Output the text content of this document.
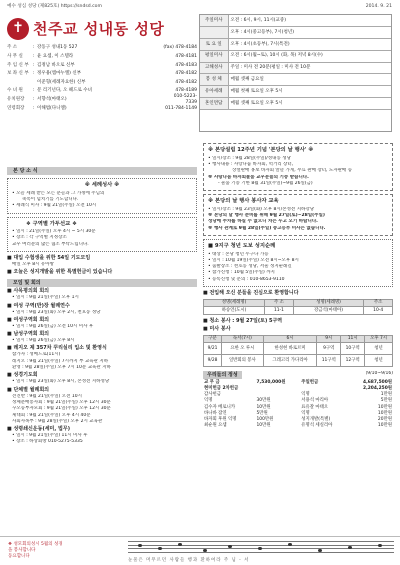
예수 성심 성당 (제825호) https://sndsd.com	2014. 9. 21
✝ 천주교 성내동 성당
주 소	: 강동구 성내1동 527	(fax) 478-4184
사 무 실	: 윤 요셉, 이 스텔라	478-4181
주 임 신 부 : 김정남 바오로 신부	478-4183
보 좌 신 부 : 정우용(엠마누엘) 신부	478-4182
이준형(세례자요한) 신부	478-4182
수 녀 원	: 문 리기넌다, 오 헤드로 수녀	478-4189
유치원장	: 서향석(마태오)
010-5223-7339
연령회장	: 이해범(다니엘)	011-784-1149
주일미사	오전 : 6시, 9시, 11시(교중)
	오후 : 4시(중고등부), 7시(청년)
토 요 일	오후 : 4시(초등부), 7시(특전)
평일미사	오전 : 6시(월~토), 10시 (화, 목) 저녁 8시(수)
고해성사	주일 : 미사 전 20분(평일 : 미사 전 10분
봉 성 체	매월 셋째 금요일
유아세례	매월 첫째 토요일 오후 5시
혼인면담	매월 셋째 토요일 오후 5시
본 당 소 식
※ 세례성사 ※
• 오늘 세례 받는 모든 분들과 그 가정에 주님의
축복이 넘치기를 기도합니다.
• 세례식 미사 : 9월 21일(주일) 오전 10시
❖ 구역별 가두선교 ❖
• 일시 : 21일(주일) 오후 4시 ~ 5시 30분
• 장소 : 각 구역별 지정장소
교우 여러분의 많은 협조 부탁드립니다.
■ 대입 수험생을 위한 54일 기도모임
매일 오후 8시 유아방
■ 오늘은 성지개발을 위한 특별헌금이 있습니다
모임 및 회의
■ 사목평의회 회의
• 일시 : 9월 21일(주일) 오후 1시
■ 여성 구역(반)장 월례연수
• 일시 : 9월 23일(화) 오후 2시, 천호동 성당
■ 여성구역회 회의
• 일시 : 9월 26일(금) 오전 10시 미사 후
■ 남성구역회 회의
• 일시 : 9월 26일(금) 오후 8시
■ 레지오 제 357차 꾸리실리 입소 및 환영식
참가자 : 성베드로(11시)
레지오 : 9월 21일(주일) 7시까지 부 교육관 지하
환영 : 9월 28일(주일) 오후 7시 10분 교육관 지하
■ 성경기도회
• 일시 : 9월 23일(화) 오후 8시, 본성전 지하성당
■ 단체별 월례회의
견진반 : 9월 21일(주일) 오전 10시
성체분배봉사회 : 9월 21일(주일) 오후 12시 30분
꾸오등부자모회 : 9월 21일(주일) 오후 12시 30분
제대회 : 9월 21일(주일) 오후 4시 40분
사회사목부 : 9월 28일(주일) 오후 2시 교육관
■ 성령쇄신운동(세미, 법무)
• 일시 : 9월 21일(주일) 11시 미사 후
• 장소 : 하상회방 010-5275-5335
※ 본당설립 12주년 기념 '본당의 날 행사' ※
• 일시/장소 : 9월 28일(주일)/성내동 성당
• 행사내용 : 사랑나눔 바자회, 먹거리 장터,
상설판매 홍보 바자회 알뜰 가게, 무료 판매 장터, 도자판매 등
※ 사랑나눔 바자회물품 교우분들의 기증 받습니다.
- 물품 기증 기한 8월 31일(주일)~9월 26일(금)
※ 본당의 날 행사 봉사자 교육
• 일시/장소 : 9월 23일(화) 오후 8시/본성전 지하강당
※ 본당의 날 행사 준비를 위해 9월 27일(토)~28일(주일)
성당에 주차를 하실 수 없으니 차는 두고 오기 바랍니다.
※ 행사 관계로 9월 28일(주일) 중고등부 미사는 없습니다.
■ 9지구 청년 도보 성지순례
• 대상 : 본당 청년 누구나 가능
• 일시 : 10월 19일(주일) 오전 8시~오후 8시
• 출발장소 : 천호동 성당, 서울 성지순례길
• 참가신청 : 10월 5일(주일) 까지
• 등록신청 및 문의 : 010-8653-9110
■ 전입해 오신 분들을 진심으로 환영합니다
성명(세례명)	주 소	성명(세례명)	주소
하승언(도시)	11-1	강금석(마태아)	10-4
■ 청소 봉사 : 9월 27일(토) 5구역
■ 미사 봉사
구분	독서(7시)	6시	9시	11시	오후 7시
9/21	요한 오 루시	한성현 바로르미	9구역	10구역	청년
9/28	일반회의 봉사	그레고리 가다리아	11구역	12구역	청년
우리들의 정성	(9/10~9/16)
교 무 금	7,530,000원	주일헌금	4,687,500원
현미헌금 2차헌금			2,204,250원
감사헌금		익명	1만원
익명	30만원	서용석 마리아	5만원
김수자 베로니카	10만원	표유찰 마태오	10만원
바나바 잠연	5만원	익명	10만원
바자회 후원 익명	100만원	성지개발(특별)	20만원
최순원 요셉	10만원	유명석 세실리아	10만원
❖ 성모회의성시 5월의 성경
을 봉사합니다
동요합니다
눈물은 머무르던 사람들 행과 환하여라 주 님 - 서
